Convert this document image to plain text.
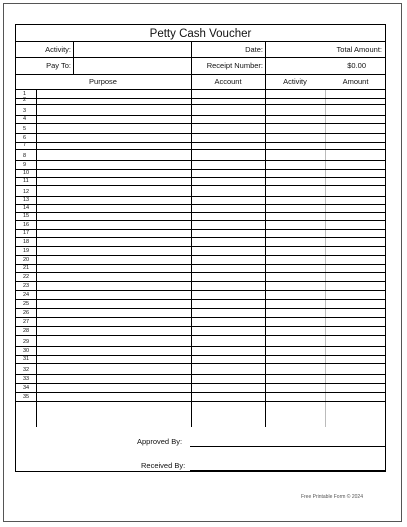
Petty Cash Voucher
Activity:	Date:	Total Amount:
Pay To:	Receipt Number:	$0.00
Purpose	Account	Activity	Amount
1
2
3
4
5
6
7
8
9
10
11
12
13
14
15
16
17
18
19
20
21
22
23
24
25
26
27
28
29
30
31
32
33
34
35
Approved By:
Received By:
Free Printable Form © 2024
